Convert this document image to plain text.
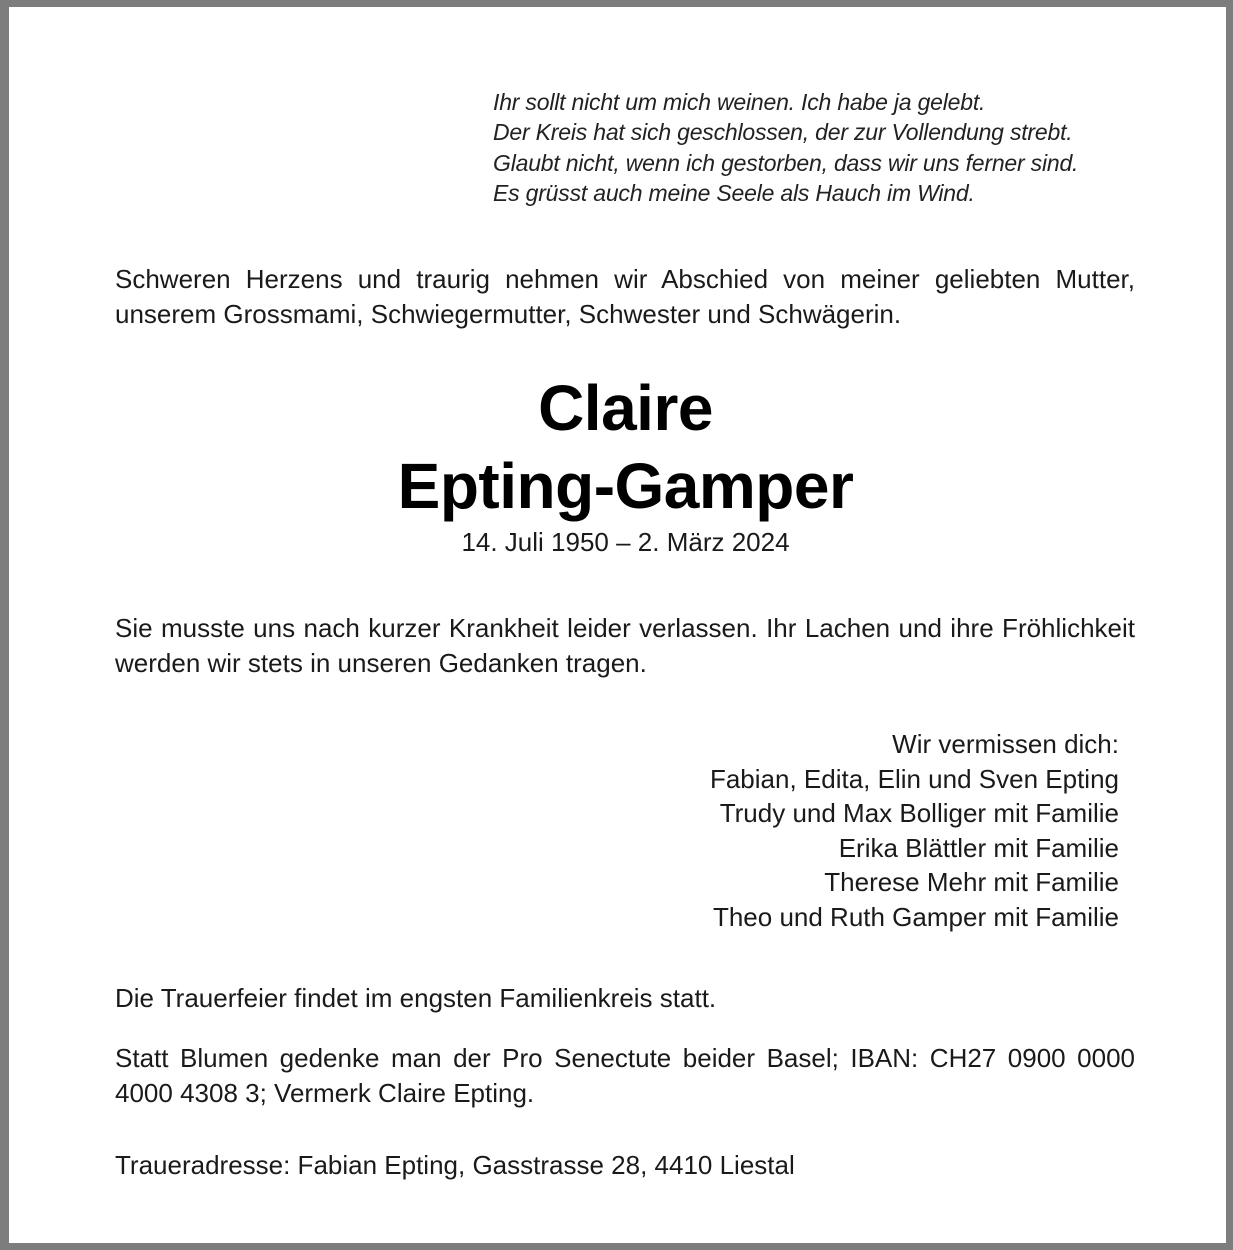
Ihr sollt nicht um mich weinen. Ich habe ja gelebt.
Der Kreis hat sich geschlossen, der zur Vollendung strebt.
Glaubt nicht, wenn ich gestorben, dass wir uns ferner sind.
Es grüsst auch meine Seele als Hauch im Wind.
Schweren Herzens und traurig nehmen wir Abschied von meiner geliebten Mutter, unserem Grossmami, Schwiegermutter, Schwester und Schwägerin.
Claire
Epting-Gamper
14. Juli 1950 – 2. März 2024
Sie musste uns nach kurzer Krankheit leider verlassen. Ihr Lachen und ihre Fröhlichkeit werden wir stets in unseren Gedanken tragen.
Wir vermissen dich:
Fabian, Edita, Elin und Sven Epting
Trudy und Max Bolliger mit Familie
Erika Blättler mit Familie
Therese Mehr mit Familie
Theo und Ruth Gamper mit Familie
Die Trauerfeier findet im engsten Familienkreis statt.
Statt Blumen gedenke man der Pro Senectute beider Basel; IBAN: CH27 0900 0000 4000 4308 3; Vermerk Claire Epting.
Traueradresse: Fabian Epting, Gasstrasse 28, 4410 Liestal
